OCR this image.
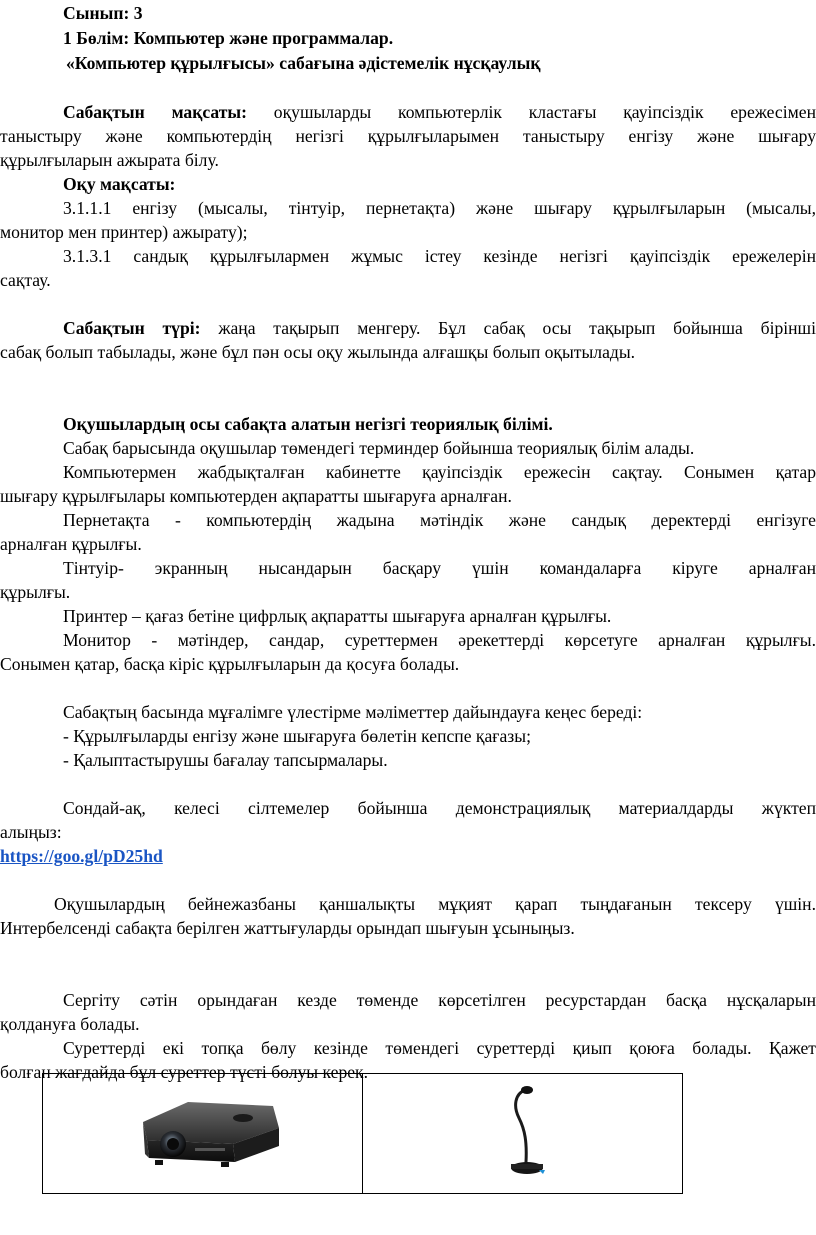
Сынып: 3
1 Бөлім: Компьютер және программалар.
«Компьютер құрылғысы» сабағына әдістемелік нұсқаулық
Сабақтын мақсаты: оқушыларды компьютерлік кластағы қауіпсіздік ережесімен
таныстыру және компьютердің негізгі құрылғыларымен таныстыру енгізу және шығару
құрылғыларын ажырата білу.
Оқу мақсаты:
3.1.1.1 енгізу (мысалы, тінтуір, пернетақта) және шығару құрылғыларын (мысалы,
монитор мен принтер) ажырату);
3.1.3.1 сандық құрылғылармен жұмыс істеу кезінде негізгі қауіпсіздік ережелерін
сақтау.
Сабақтын түрі: жаңа тақырып менгеру. Бұл сабақ осы тақырып бойынша бірінші
сабақ болып табылады, және бұл пән осы оқу жылында алғашқы болып оқытылады.
Оқушылардың осы сабақта алатын негізгі теориялық білімі.
Сабақ барысында оқушылар төмендегі терминдер бойынша теориялық білім алады.
Компьютермен жабдықталған кабинетте қауіпсіздік ережесін сақтау. Сонымен қатар
шығару құрылғылары компьютерден ақпаратты шығаруға арналған.
Пернетақта - компьютердің жадына мәтіндік және сандық деректерді енгізуге
арналған құрылғы.
Тінтуір- экранның нысандарын басқару үшін командаларға кіруге арналған
құрылғы.
Принтер – қағаз бетіне цифрлық ақпаратты шығаруға арналған құрылғы.
Монитор - мәтіндер, сандар, суреттермен әрекеттерді көрсетуге арналған құрылғы.
Сонымен қатар, басқа кіріс құрылғыларын да қосуға болады.
Сабақтың басында мұғалімге үлестірме мәліметтер дайындауға кеңес береді:
- Құрылғыларды енгізу және шығаруға бөлетін кепспе қағазы;
- Қалыптастырушы бағалау тапсырмалары.
Сондай-ақ, келесі сілтемелер бойынша демонстрациялық материалдарды жүктеп
алыңыз:
https://goo.gl/pD25hd
Оқушылардың бейнежазбаны қаншалықты мұқият қарап тыңдағанын тексеру үшін.
Интербелсенді сабақта берілген жаттығуларды орындап шығуын ұсыныңыз.
Сергіту сәтін орындаған кезде төменде көрсетілген ресурстардан басқа нұсқаларын
қолдануға болады.
Суреттерді екі топқа бөлу кезінде төмендегі суреттерді қиып қоюға болады. Қажет
болған жағдайда бұл суреттер түсті болуы керек.
